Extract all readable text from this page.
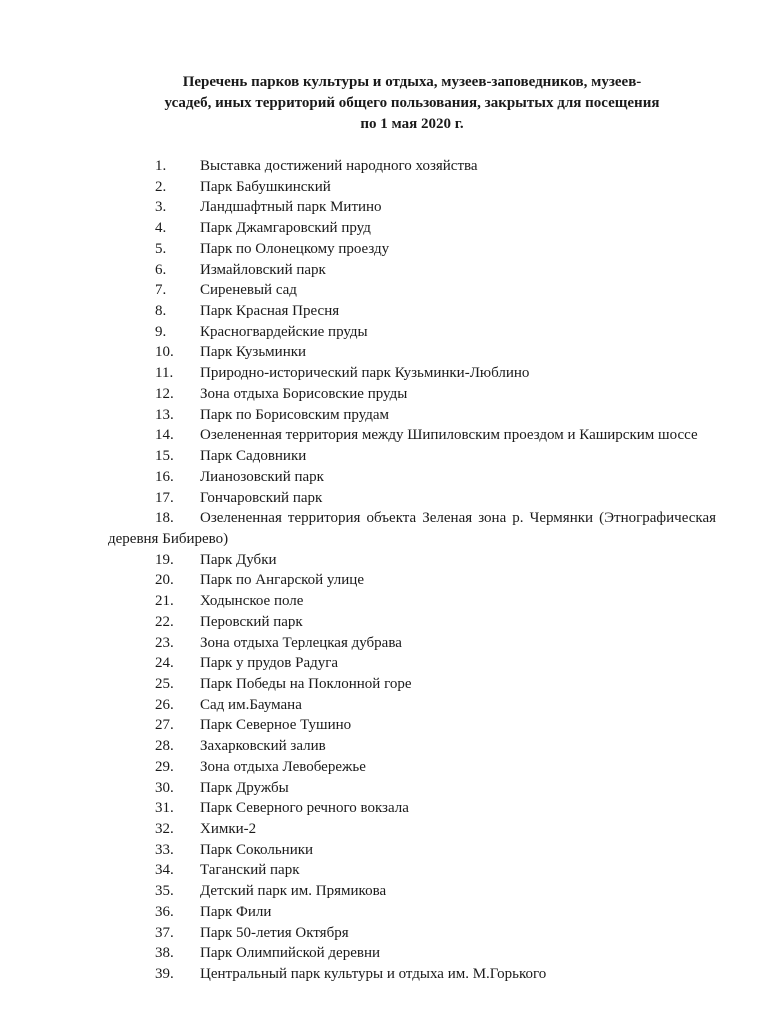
Перечень парков культуры и отдыха, музеев-заповедников, музеев-
усадеб, иных территорий общего пользования, закрытых для посещения
по 1 мая 2020 г.
1. Выставка достижений народного хозяйства
2. Парк Бабушкинский
3. Ландшафтный парк Митино
4. Парк Джамгаровский пруд
5. Парк по Олонецкому проезду
6. Измайловский парк
7. Сиреневый сад
8. Парк Красная Пресня
9. Красногвардейские пруды
10. Парк Кузьминки
11. Природно-исторический парк Кузьминки-Люблино
12. Зона отдыха Борисовские пруды
13. Парк по Борисовским прудам
14. Озелененная территория между Шипиловским проездом и Каширским шоссе
15. Парк Садовники
16. Лианозовский парк
17. Гончаровский парк
18. Озелененная территория объекта Зеленая зона р. Чермянки (Этнографическая деревня Бибирево)
19. Парк Дубки
20. Парк по Ангарской улице
21. Ходынское поле
22. Перовский парк
23. Зона отдыха Терлецкая дубрава
24. Парк у прудов Радуга
25. Парк Победы на Поклонной горе
26. Сад им.Баумана
27. Парк Северное Тушино
28. Захарковский залив
29. Зона отдыха Левобережье
30. Парк Дружбы
31. Парк Северного речного вокзала
32. Химки-2
33. Парк Сокольники
34. Таганский парк
35. Детский парк им. Прямикова
36. Парк Фили
37. Парк 50-летия Октября
38. Парк Олимпийской деревни
39. Центральный парк культуры и отдыха им. М.Горького
